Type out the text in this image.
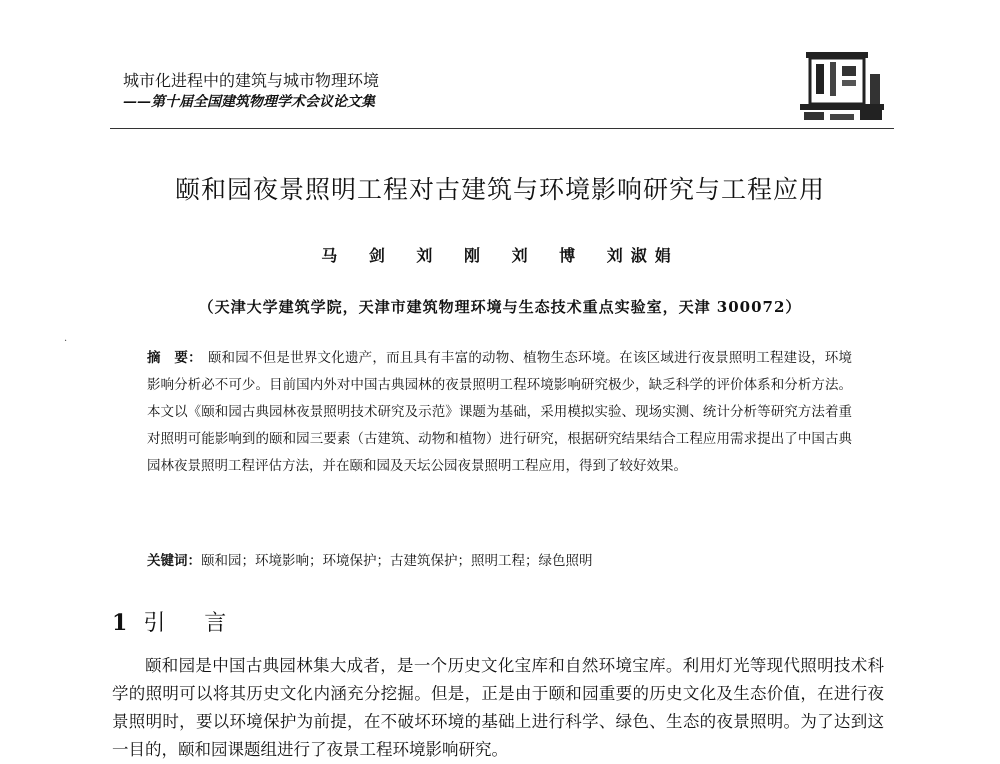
城市化进程中的建筑与城市物理环境
——第十届全国建筑物理学术会议论文集
颐和园夜景照明工程对古建筑与环境影响研究与工程应用
马 剑 刘 刚 刘 博 刘淑娟
（天津大学建筑学院，天津市建筑物理环境与生态技术重点实验室，天津 300072）
·
摘　要： 颐和园不但是世界文化遗产，而且具有丰富的动物、植物生态环境。在该区域进行夜景照明工程建设，环境影响分析必不可少。目前国内外对中国古典园林的夜景照明工程环境影响研究极少，缺乏科学的评价体系和分析方法。本文以《颐和园古典园林夜景照明技术研究及示范》课题为基础，采用模拟实验、现场实测、统计分析等研究方法着重对照明可能影响到的颐和园三要素（古建筑、动物和植物）进行研究，根据研究结果结合工程应用需求提出了中国古典园林夜景照明工程评估方法，并在颐和园及天坛公园夜景照明工程应用，得到了较好效果。
关键词：颐和园；环境影响；环境保护；古建筑保护；照明工程；绿色照明
1 引 言
颐和园是中国古典园林集大成者，是一个历史文化宝库和自然环境宝库。利用灯光等现代照明技术科学的照明可以将其历史文化内涵充分挖掘。但是，正是由于颐和园重要的历史文化及生态价值，在进行夜景照明时，要以环境保护为前提，在不破坏环境的基础上进行科学、绿色、生态的夜景照明。为了达到这一目的，颐和园课题组进行了夜景工程环境影响研究。
